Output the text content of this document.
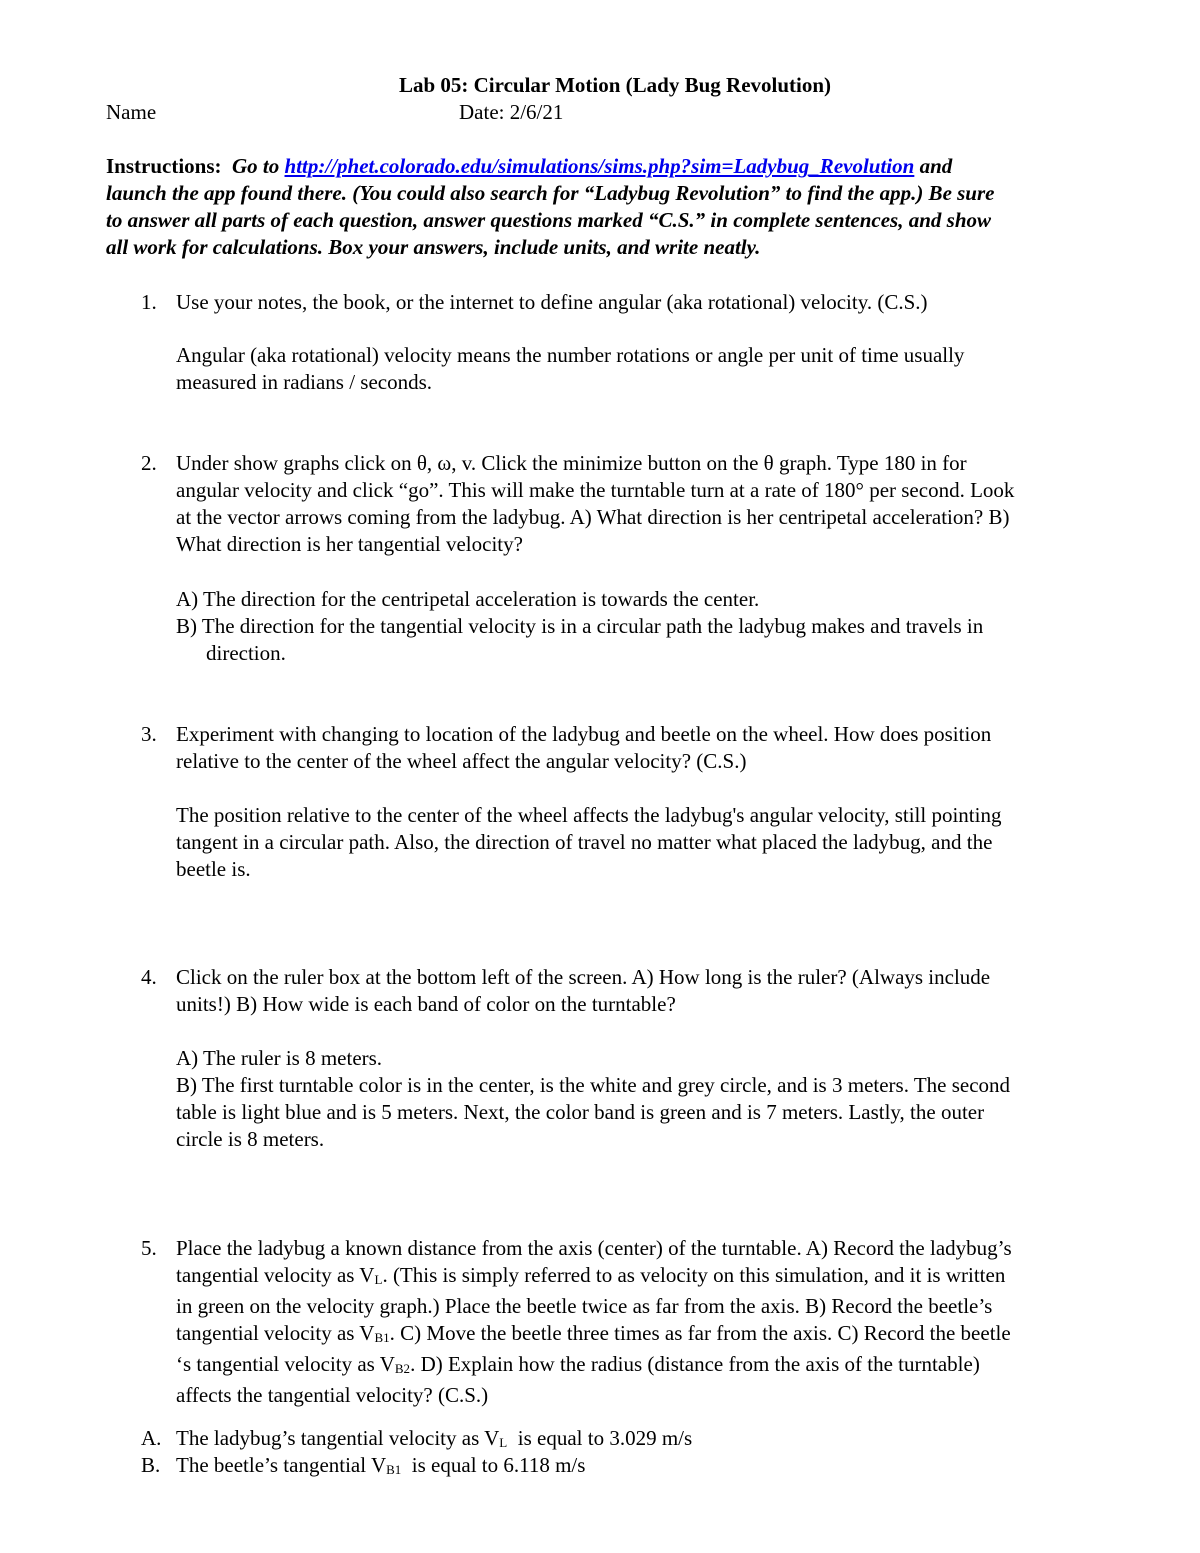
Lab 05: Circular Motion (Lady Bug Revolution)
Name	Date: 2/6/21
Instructions: Go to http://phet.colorado.edu/simulations/sims.php?sim=Ladybug_Revolution and
launch the app found there. (You could also search for “Ladybug Revolution” to find the app.) Be sure
to answer all parts of each question, answer questions marked “C.S.” in complete sentences, and show
all work for calculations. Box your answers, include units, and write neatly.
1. Use your notes, the book, or the internet to define angular (aka rotational) velocity. (C.S.)
Angular (aka rotational) velocity means the number rotations or angle per unit of time usually
measured in radians / seconds.
2. Under show graphs click on θ, ω, v. Click the minimize button on the θ graph. Type 180 in for
angular velocity and click “go”. This will make the turntable turn at a rate of 180° per second. Look
at the vector arrows coming from the ladybug. A) What direction is her centripetal acceleration? B)
What direction is her tangential velocity?
A) The direction for the centripetal acceleration is towards the center.
B) The direction for the tangential velocity is in a circular path the ladybug makes and travels in
direction.
3. Experiment with changing to location of the ladybug and beetle on the wheel. How does position
relative to the center of the wheel affect the angular velocity? (C.S.)
The position relative to the center of the wheel affects the ladybug's angular velocity, still pointing
tangent in a circular path. Also, the direction of travel no matter what placed the ladybug, and the
beetle is.
4. Click on the ruler box at the bottom left of the screen. A) How long is the ruler? (Always include
units!) B) How wide is each band of color on the turntable?
A) The ruler is 8 meters.
B) The first turntable color is in the center, is the white and grey circle, and is 3 meters. The second
table is light blue and is 5 meters. Next, the color band is green and is 7 meters. Lastly, the outer
circle is 8 meters.
5. Place the ladybug a known distance from the axis (center) of the turntable. A) Record the ladybug’s
tangential velocity as VL. (This is simply referred to as velocity on this simulation, and it is written
in green on the velocity graph.) Place the beetle twice as far from the axis. B) Record the beetle’s
tangential velocity as VB1. C) Move the beetle three times as far from the axis. C) Record the beetle
‘s tangential velocity as VB2. D) Explain how the radius (distance from the axis of the turntable)
affects the tangential velocity? (C.S.)
A. The ladybug’s tangential velocity as VL  is equal to 3.029 m/s
B. The beetle’s tangential VB1  is equal to 6.118 m/s
